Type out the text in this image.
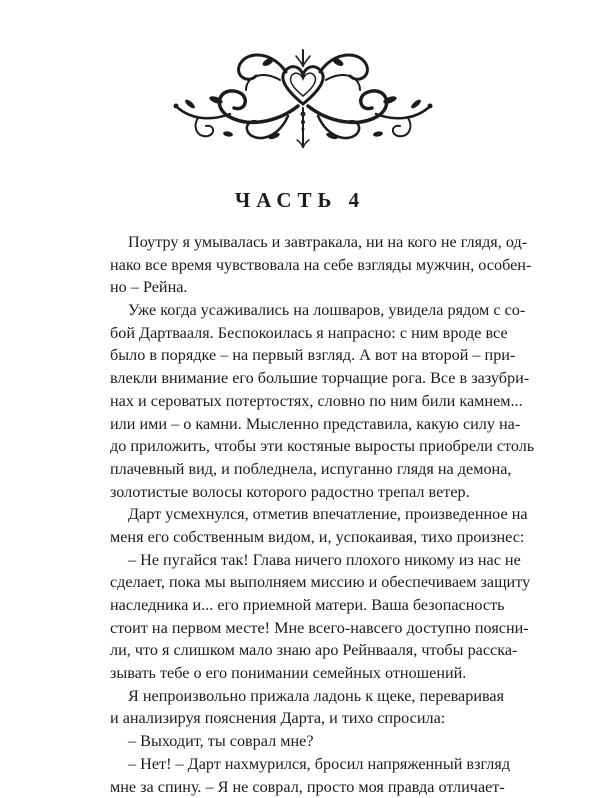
ЧАСТЬ 4
Поутру я умывалась и завтракала, ни на кого не глядя, од-
нако все время чувствовала на себе взгляды мужчин, особен-
но – Рейна.
Уже когда усаживались на лошваров, увидела рядом с со-
бой Дартвааля. Беспокоилась я напрасно: с ним вроде все
было в порядке – на первый взгляд. А вот на второй – при-
влекли внимание его большие торчащие рога. Все в зазубри-
нах и сероватых потертостях, словно по ним били камнем...
или ими – о камни. Мысленно представила, какую силу на-
до приложить, чтобы эти костяные выросты приобрели столь
плачевный вид, и побледнела, испуганно глядя на демона,
золотистые волосы которого радостно трепал ветер.
Дарт усмехнулся, отметив впечатление, произведенное на
меня его собственным видом, и, успокаивая, тихо произнес:
– Не пугайся так! Глава ничего плохого никому из нас не
сделает, пока мы выполняем миссию и обеспечиваем защиту
наследника и... его приемной матери. Ваша безопасность
стоит на первом месте! Мне всего-навсего доступно поясни-
ли, что я слишком мало знаю аро Рейнвааля, чтобы расска-
зывать тебе о его понимании семейных отношений.
Я непроизвольно прижала ладонь к щеке, переваривая
и анализируя пояснения Дарта, и тихо спросила:
– Выходит, ты соврал мне?
– Нет! – Дарт нахмурился, бросил напряженный взгляд
мне за спину. – Я не соврал, просто моя правда отличает-
